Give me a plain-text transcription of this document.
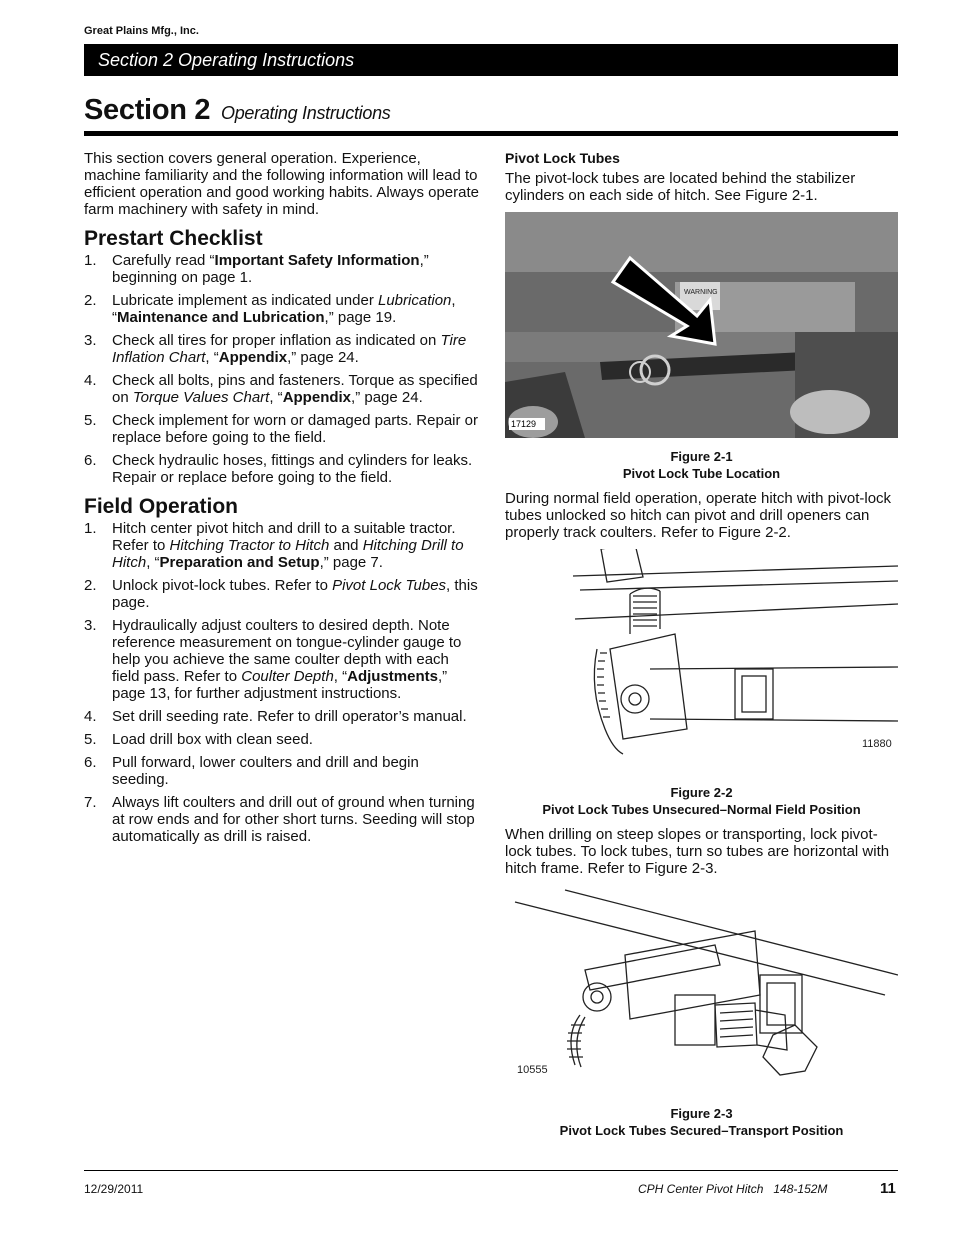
Great Plains Mfg., Inc.
Section 2 Operating Instructions
Section 2 Operating Instructions

This section covers general operation. Experience, machine familiarity and the following information will lead to efficient operation and good working habits. Always operate farm machinery with safety in mind.

Prestart Checklist
1. Carefully read “Important Safety Information,” beginning on page 1.
2. Lubricate implement as indicated under Lubrication, “Maintenance and Lubrication,” page 19.
3. Check all tires for proper inflation as indicated on Tire Inflation Chart, “Appendix,” page 24.
4. Check all bolts, pins and fasteners. Torque as specified on Torque Values Chart, “Appendix,” page 24.
5. Check implement for worn or damaged parts. Repair or replace before going to the field.
6. Check hydraulic hoses, fittings and cylinders for leaks. Repair or replace before going to the field.
Field Operation
1. Hitch center pivot hitch and drill to a suitable tractor. Refer to Hitching Tractor to Hitch and Hitching Drill to Hitch, “Preparation and Setup,” page 7.
2. Unlock pivot-lock tubes. Refer to Pivot Lock Tubes, this page.
3. Hydraulically adjust coulters to desired depth. Note reference measurement on tongue-cylinder gauge to help you achieve the same coulter depth with each field pass. Refer to Coulter Depth, “Adjustments,” page 13, for further adjustment instructions.
4. Set drill seeding rate. Refer to drill operator’s manual.
5. Load drill box with clean seed.
6. Pull forward, lower coulters and drill and begin seeding.
7. Always lift coulters and drill out of ground when turning at row ends and for other short turns. Seeding will stop automatically as drill is raised.
Pivot Lock Tubes

The pivot-lock tubes are located behind the stabilizer cylinders on each side of hitch. See Figure 2-1.

WARNING
17129
Figure 2-1
Pivot Lock Tube Location

During normal field operation, operate hitch with pivot-lock tubes unlocked so hitch can pivot and drill openers can properly track coulters. Refer to Figure 2-2.

11880
Figure 2-2
Pivot Lock Tubes Unsecured–Normal Field Position

When drilling on steep slopes or transporting, lock pivot-lock tubes. To lock tubes, turn so tubes are horizontal with hitch frame. Refer to Figure 2-3.

10555
Figure 2-3
Pivot Lock Tubes Secured–Transport Position
12/29/2011	CPH Center Pivot Hitch   148-152M	11
